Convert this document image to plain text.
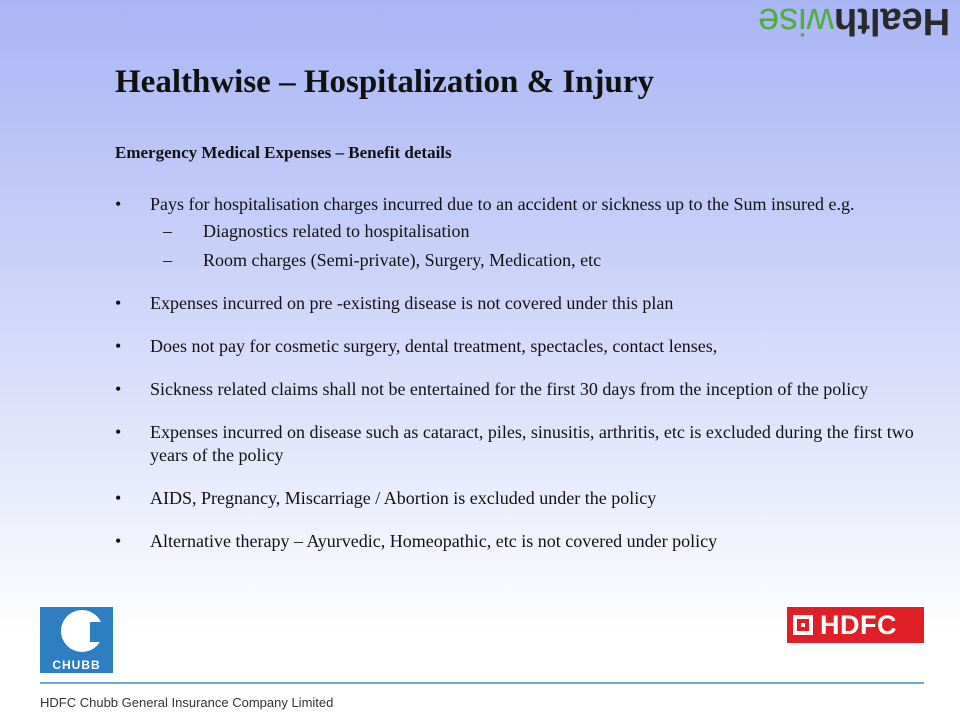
Healthwise
Healthwise – Hospitalization & Injury
Emergency Medical Expenses – Benefit details
• Pays for hospitalisation charges incurred due to an accident or sickness up to the Sum insured e.g.
– Diagnostics related to hospitalisation
– Room charges (Semi-private), Surgery, Medication, etc
• Expenses incurred on pre -existing disease is not covered under this plan
• Does not pay for cosmetic surgery, dental treatment, spectacles, contact lenses,
• Sickness related claims shall not be entertained for the first 30 days from the inception of the policy
• Expenses incurred on disease such as cataract, piles, sinusitis, arthritis, etc is excluded during the first two years of the policy
• AIDS, Pregnancy, Miscarriage / Abortion is excluded under the policy
• Alternative therapy – Ayurvedic, Homeopathic, etc is not covered under policy
CHUBB
HDFC
HDFC Chubb General Insurance Company Limited
